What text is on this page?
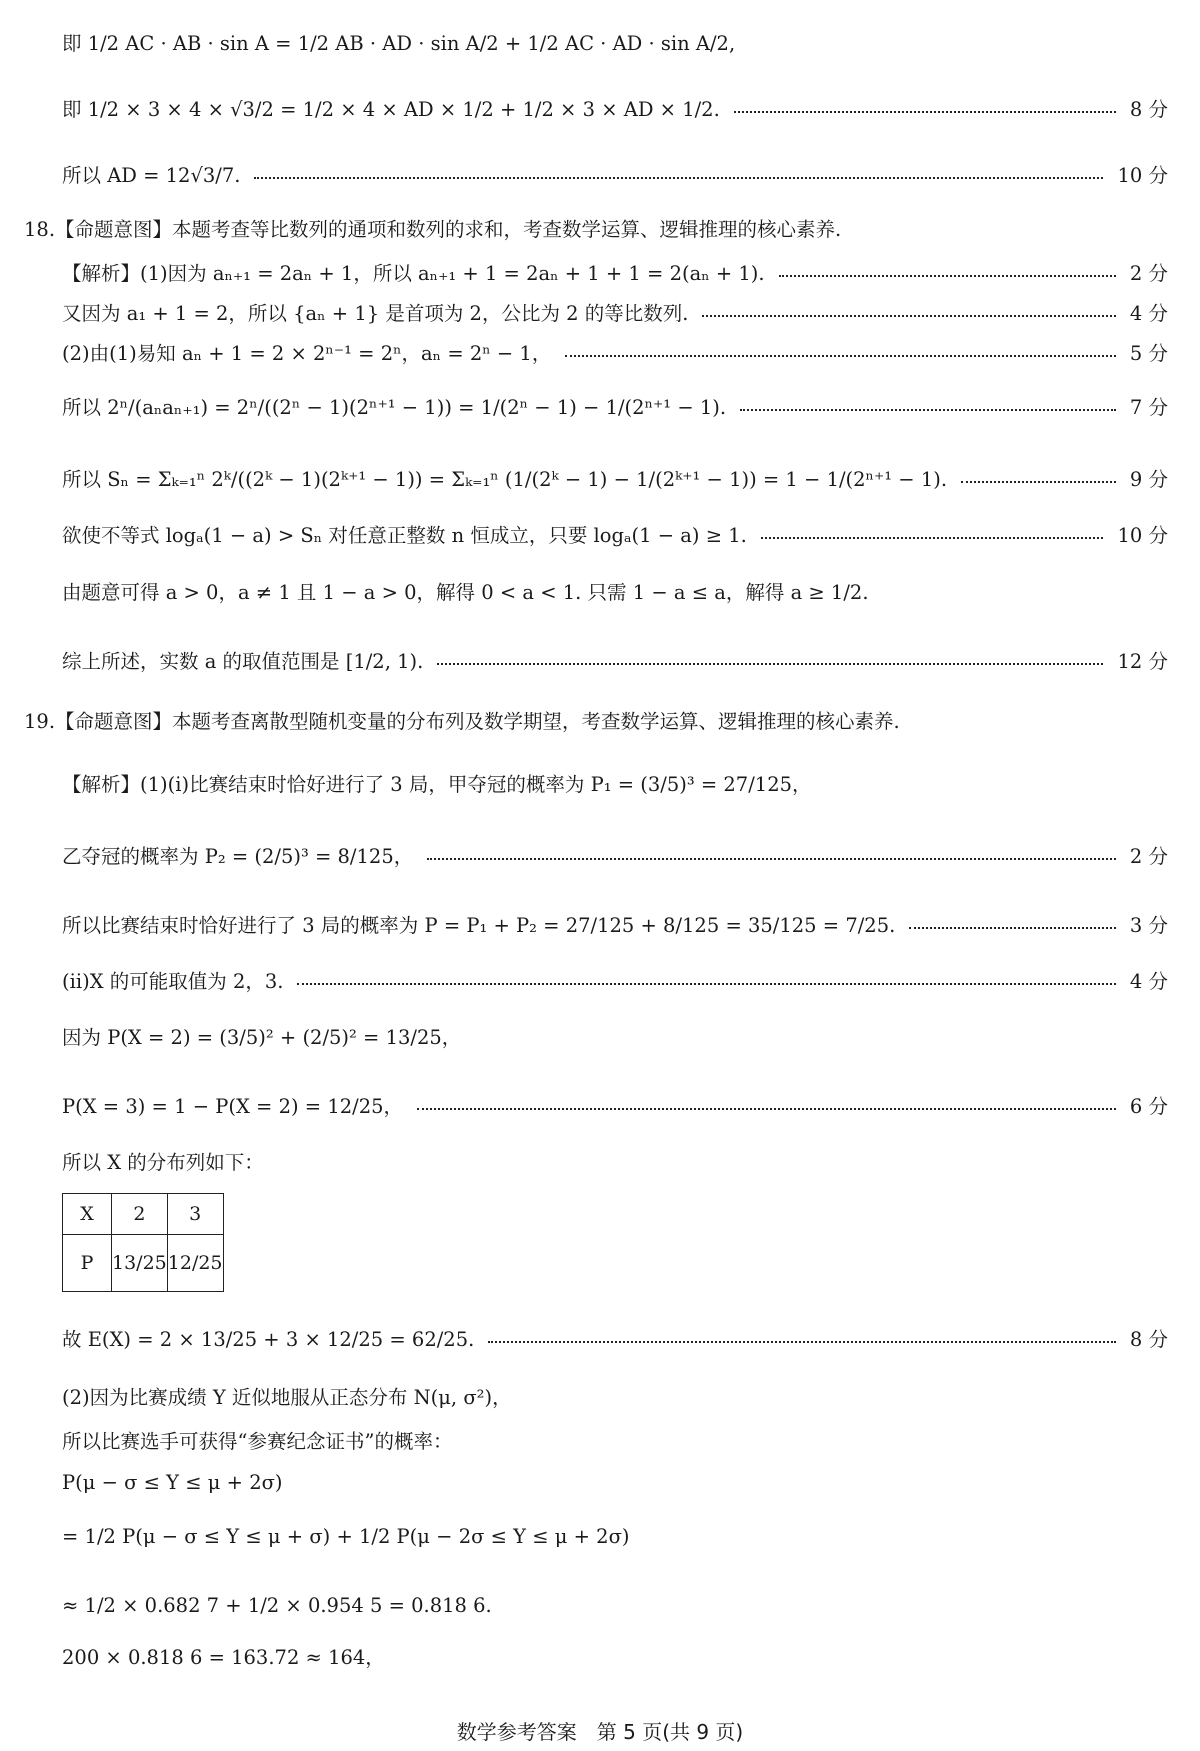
即 1/2 AC · AB · sin A = 1/2 AB · AD · sin A/2 + 1/2 AC · AD · sin A/2,
即 1/2 × 3 × 4 × √3/2 = 1/2 × 4 × AD × 1/2 + 1/2 × 3 × AD × 1/2.	8 分
所以 AD = 12√3/7.	10 分
18.【命题意图】本题考查等比数列的通项和数列的求和，考查数学运算、逻辑推理的核心素养.
【解析】(1)因为 aₙ₊₁ = 2aₙ + 1，所以 aₙ₊₁ + 1 = 2aₙ + 1 + 1 = 2(aₙ + 1).	2 分
又因为 a₁ + 1 = 2，所以 {aₙ + 1} 是首项为 2，公比为 2 的等比数列.	4 分
(2)由(1)易知 aₙ + 1 = 2 × 2ⁿ⁻¹ = 2ⁿ，aₙ = 2ⁿ − 1，	5 分
所以 2ⁿ/(aₙaₙ₊₁) = 2ⁿ/((2ⁿ − 1)(2ⁿ⁺¹ − 1)) = 1/(2ⁿ − 1) − 1/(2ⁿ⁺¹ − 1).	7 分
所以 Sₙ = Σₖ₌₁ⁿ 2ᵏ/((2ᵏ − 1)(2ᵏ⁺¹ − 1)) = Σₖ₌₁ⁿ (1/(2ᵏ − 1) − 1/(2ᵏ⁺¹ − 1)) = 1 − 1/(2ⁿ⁺¹ − 1).	9 分
欲使不等式 logₐ(1 − a) > Sₙ 对任意正整数 n 恒成立，只要 logₐ(1 − a) ≥ 1.	10 分
由题意可得 a > 0，a ≠ 1 且 1 − a > 0，解得 0 < a < 1. 只需 1 − a ≤ a，解得 a ≥ 1/2.
综上所述，实数 a 的取值范围是 [1/2, 1).	12 分
19.【命题意图】本题考查离散型随机变量的分布列及数学期望，考查数学运算、逻辑推理的核心素养.
【解析】(1)(i)比赛结束时恰好进行了 3 局，甲夺冠的概率为 P₁ = (3/5)³ = 27/125，
乙夺冠的概率为 P₂ = (2/5)³ = 8/125，	2 分
所以比赛结束时恰好进行了 3 局的概率为 P = P₁ + P₂ = 27/125 + 8/125 = 35/125 = 7/25.	3 分
(ii)X 的可能取值为 2，3.	4 分
因为 P(X = 2) = (3/5)² + (2/5)² = 13/25，
P(X = 3) = 1 − P(X = 2) = 12/25，	6 分
所以 X 的分布列如下：
X	2	3
P	13/25	12/25
故 E(X) = 2 × 13/25 + 3 × 12/25 = 62/25.	8 分
(2)因为比赛成绩 Y 近似地服从正态分布 N(μ, σ²)，
所以比赛选手可获得“参赛纪念证书”的概率：
P(μ − σ ≤ Y ≤ μ + 2σ)
= 1/2 P(μ − σ ≤ Y ≤ μ + σ) + 1/2 P(μ − 2σ ≤ Y ≤ μ + 2σ)
≈ 1/2 × 0.682 7 + 1/2 × 0.954 5 = 0.818 6.
200 × 0.818 6 = 163.72 ≈ 164，
数学参考答案　第 5 页(共 9 页)
